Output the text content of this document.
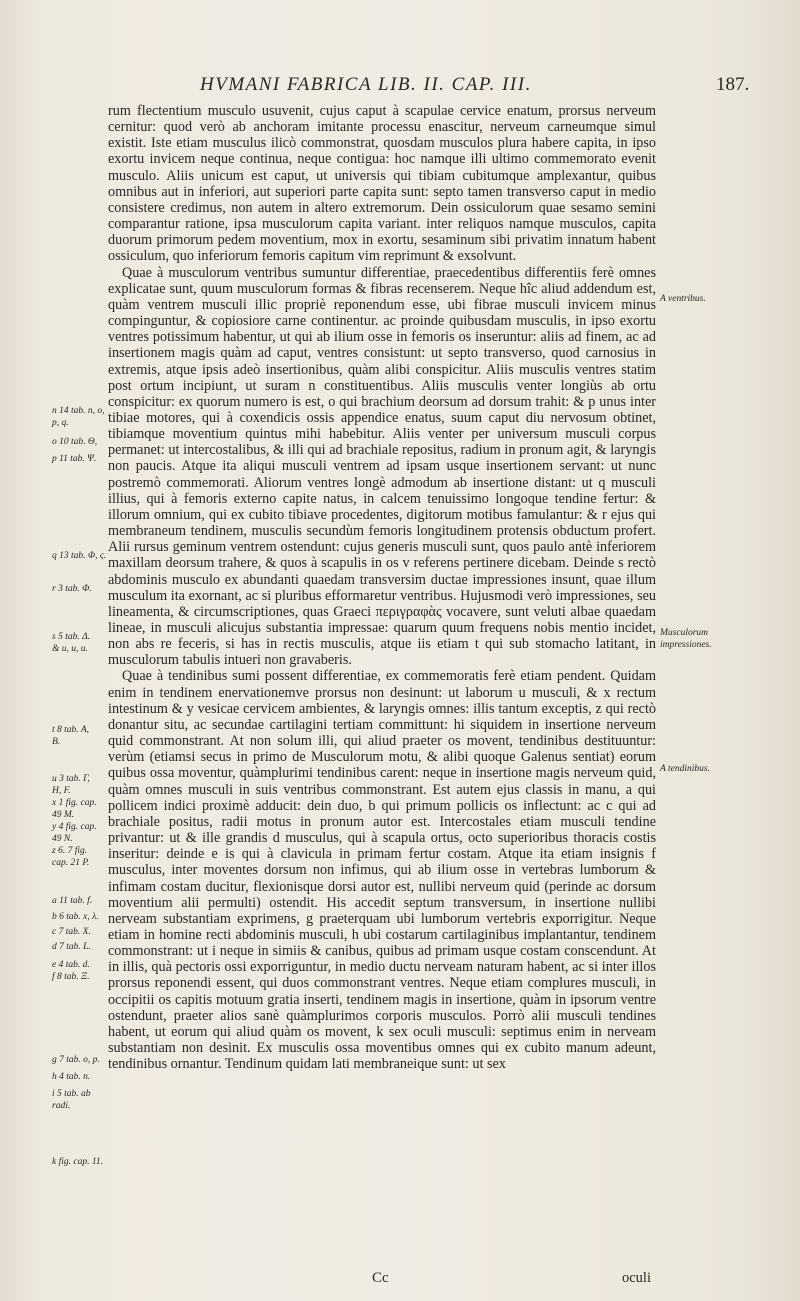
HVMANI FABRICA LIB. II. CAP. III.	187.

rum flectentium musculo usuvenit, cujus caput à scapulae cervice enatum, prorsus nerveum cernitur: quod verò ab anchoram imitante processu enascitur, nerveum carneumque simul existit. Iste etiam musculus ilicò commonstrat, quosdam musculos plura habere capita, in ipso exortu invicem neque continua, neque contigua: hoc namque illi ultimo commemorato evenit musculo. Aliis unicum est caput, ut universis qui tibiam cubitumque amplexantur, quibus omnibus aut in inferiori, aut superiori parte capita sunt: septo tamen transverso caput in medio consistere credimus, non autem in altero extremorum. Dein ossiculorum quae sesamo semini comparantur ratione, ipsa musculorum capita variant. inter reliquos namque musculos, capita duorum primorum pedem moventium, mox in exortu, sesaminum sibi privatim innatum habent ossiculum, quo inferiorum femoris capitum vim reprimunt & exsolvunt.

Quae à musculorum ventribus sumuntur differentiae, praecedentibus differentiis ferè omnes explicatae sunt, quum musculorum formas & fibras recenserem. Neque hîc aliud addendum est, quàm ventrem musculi illic propriè reponendum esse, ubi fibrae musculi invicem minus compinguntur, & copiosiore carne continentur. ac proinde quibusdam musculis, in ipso exortu ventres potissimum habentur, ut qui ab ilium osse in femoris os inseruntur: aliis ad finem, ac ad insertionem magis quàm ad caput, ventres consistunt: ut septo transverso, quod carnosius in extremis, atque ipsis adeò insertionibus, quàm alibi conspicitur. Aliis musculis ventres statim post ortum incipiunt, ut suram n constituentibus. Aliis musculis venter longiùs ab ortu conspicitur: ex quorum numero is est, o qui brachium deorsum ad dorsum trahit: & p unus inter tibiae motores, qui à coxendicis ossis appendice enatus, suum caput diu nervosum obtinet, tibiamque moventium quintus mihi habebitur. Aliis venter per universum musculi corpus permanet: ut intercostalibus, & illi qui ad brachiale repositus, radium in pronum agit, & laryngis non paucis. Atque ita aliqui musculi ventrem ad ipsam usque insertionem servant: ut nunc postremò commemorati. Aliorum ventres longè admodum ab insertione distant: ut q musculi illius, qui à femoris externo capite natus, in calcem tenuissimo longoque tendine fertur: & illorum omnium, qui ex cubito tibiave procedentes, digitorum motibus famulantur: & r ejus qui membraneum tendinem, musculis secundùm femoris longitudinem protensis obductum profert. Alii rursus geminum ventrem ostendunt: cujus generis musculi sunt, quos paulo antè inferiorem maxillam deorsum trahere, & quos à scapulis in os v referens pertinere dicebam. Deinde s rectò abdominis musculo ex abundanti quaedam transversim ductae impressiones insunt, quae illum musculum ita exornant, ac si pluribus efformaretur ventribus. Hujusmodi verò impressiones, seu lineamenta, & circumscriptiones, quas Graeci περιγραφὰς vocavere, sunt veluti albae quaedam lineae, in musculi alicujus substantia impressae: quarum quum frequens nobis mentio incidet, non abs re feceris, si has in rectis musculis, atque iis etiam t qui sub stomacho latitant, in musculorum tabulis intueri non gravaberis.

Quae à tendinibus sumi possent differentiae, ex commemoratis ferè etiam pendent. Quidam enim in tendinem enervationemve prorsus non desinunt: ut laborum u musculi, & x rectum intestinum & y vesicae cervicem ambientes, & laryngis omnes: illis tantum exceptis, z qui rectò donantur situ, ac secundae cartilagini tertiam committunt: hi siquidem in insertione nerveum quid commonstrant. At non solum illi, qui aliud praeter os movent, tendinibus destituuntur: verùm (etiamsi secus in primo de Musculorum motu, & alibi quoque Galenus sentiat) eorum quibus ossa moventur, quàmplurimi tendinibus carent: neque in insertione magis nerveum quid, quàm omnes musculi in suis ventribus commonstrant. Est autem ejus classis in manu, a qui pollicem indici proximè adducit: dein duo, b qui primum pollicis os inflectunt: ac c qui ad brachiale positus, radii motus in pronum autor est. Intercostales etiam musculi tendine privantur: ut & ille grandis d musculus, qui à scapula ortus, octo superioribus thoracis costis inseritur: deinde e is qui à clavicula in primam fertur costam. Atque ita etiam insignis f musculus, inter moventes dorsum non infimus, qui ab ilium osse in vertebras lumborum & infimam costam ducitur, flexionisque dorsi autor est, nullibi nerveum quid (perinde ac dorsum moventium alii permulti) ostendit. His accedit septum transversum, in insertione nullibi nerveam substantiam exprimens, g praeterquam ubi lumborum vertebris exporrigitur. Neque etiam in homine recti abdominis musculi, h ubi costarum cartilaginibus implantantur, tendinem commonstrant: ut i neque in simiis & canibus, quibus ad primam usque costam conscendunt. At in illis, quà pectoris ossi exporriguntur, in medio ductu nerveam naturam habent, ac si inter illos prorsus reponendi essent, qui duos commonstrant ventres. Neque etiam complures musculi, in occipitii os capitis motuum gratia inserti, tendinem magis in insertione, quàm in ipsorum ventre ostendunt, praeter alios sanè quàmplurimos corporis musculos. Porrò alii musculi tendines habent, ut eorum qui aliud quàm os movent, k sex oculi musculi: septimus enim in nerveam substantiam non desinit. Ex musculis ossa moventibus omnes qui ex cubito manum adeunt, tendinibus ornantur. Tendinum quidam lati membraneique sunt: ut sex

n 14 tab. n, o,
p, q.
o 10 tab. Θ,
p 11 tab. Ψ.
q 13 tab. Φ, ς.
r 3 tab. Φ.
s 5 tab. Δ.
& u, u, u.
t 8 tab. A,
B.
u 3 tab. Γ,
H, F.
x 1 fig. cap.
49 M.
y 4 fig. cap.
49 N.
z 6. 7 fig.
cap. 21 P.
a 11 tab. f.
b 6 tab. x, λ.
c 7 tab. X.
d 7 tab. L.
e 4 tab. d.
f 8 tab. Ξ.
g 7 tab. o, p.
h 4 tab. n.
i 5 tab. ab
radi.
k fig. cap. 11.
A ventribus.
Musculorum
impressiones.
A tendinibus.
Cc	oculi
